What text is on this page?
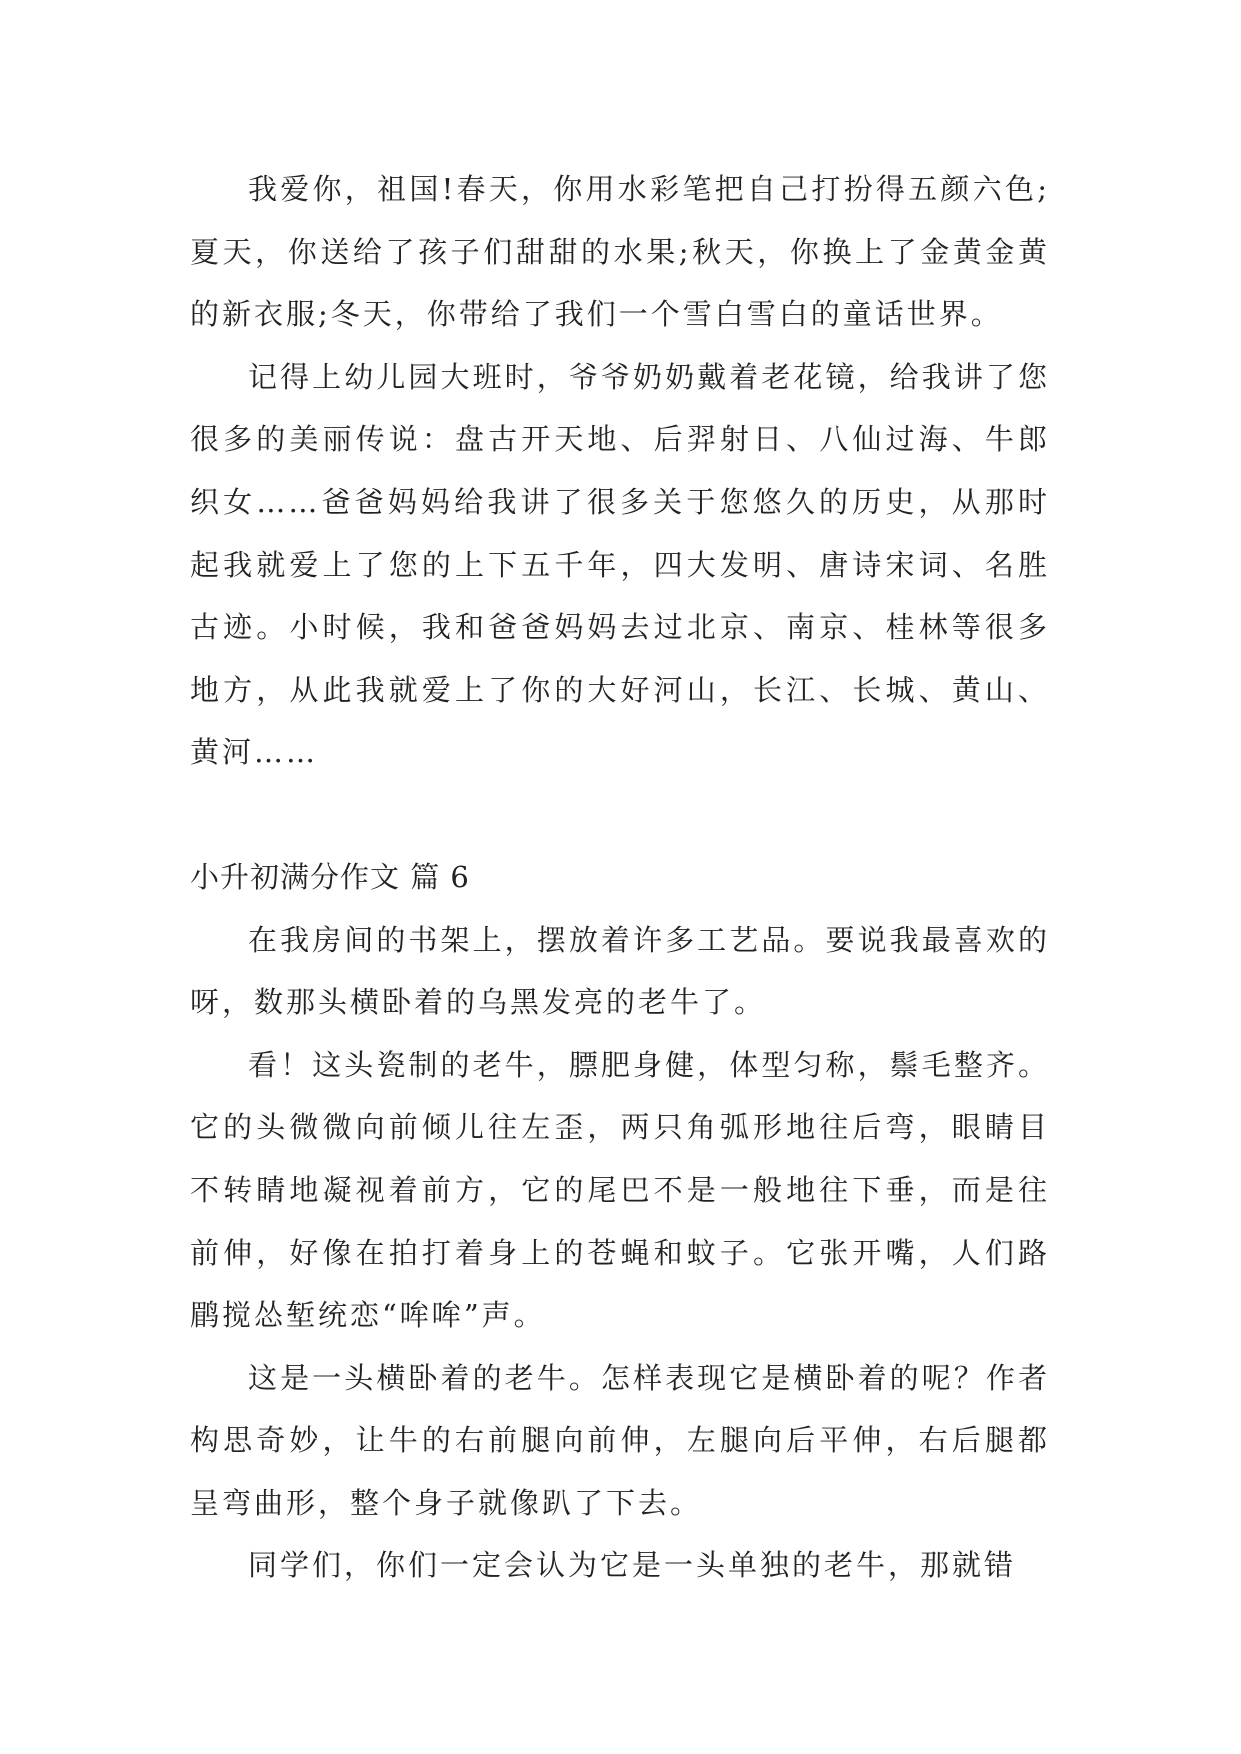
我爱你，祖国!春天，你用水彩笔把自己打扮得五颜六色;夏天，你送给了孩子们甜甜的水果;秋天，你换上了金黄金黄的新衣服;冬天，你带给了我们一个雪白雪白的童话世界。

记得上幼儿园大班时，爷爷奶奶戴着老花镜，给我讲了您很多的美丽传说：盘古开天地、后羿射日、八仙过海、牛郎织女……爸爸妈妈给我讲了很多关于您悠久的历史，从那时起我就爱上了您的上下五千年，四大发明、唐诗宋词、名胜古迹。小时候，我和爸爸妈妈去过北京、南京、桂林等很多地方，从此我就爱上了你的大好河山，长江、长城、黄山、黄河……

小升初满分作文 篇 6

在我房间的书架上，摆放着许多工艺品。要说我最喜欢的呀，数那头横卧着的乌黑发亮的老牛了。

看！这头瓷制的老牛，膘肥身健，体型匀称，鬃毛整齐。它的头微微向前倾儿往左歪，两只角弧形地往后弯，眼睛目不转睛地凝视着前方，它的尾巴不是一般地往下垂，而是往前伸，好像在拍打着身上的苍蝇和蚊子。它张开嘴，人们路鹛搅怂堑统恋“哞哞”声。

这是一头横卧着的老牛。怎样表现它是横卧着的呢？作者构思奇妙，让牛的右前腿向前伸，左腿向后平伸，右后腿都呈弯曲形，整个身子就像趴了下去。

同学们，你们一定会认为它是一头单独的老牛，那就错
